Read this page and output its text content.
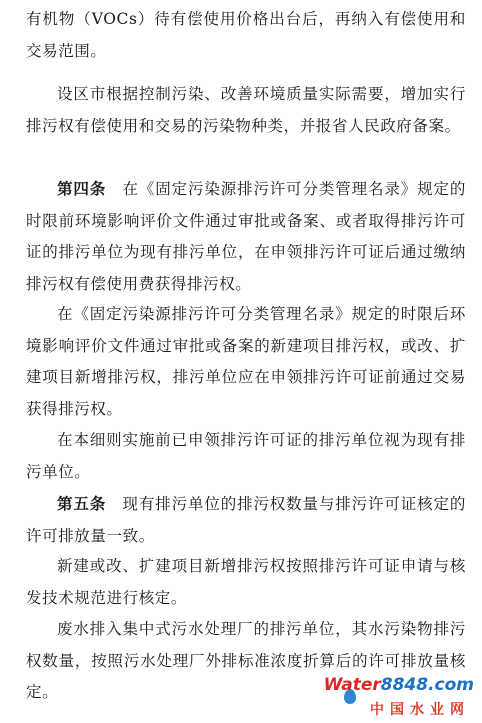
有机物（VOCs）待有偿使用价格出台后，再纳入有偿使用和交易范围。

设区市根据控制污染、改善环境质量实际需要，增加实行排污权有偿使用和交易的污染物种类，并报省人民政府备案。

第四条　 在《固定污染源排污许可分类管理名录》规定的时限前环境影响评价文件通过审批或备案、或者取得排污许可证的排污单位为现有排污单位，在申领排污许可证后通过缴纳排污权有偿使用费获得排污权。

在《固定污染源排污许可分类管理名录》规定的时限后环境影响评价文件通过审批或备案的新建项目排污权，或改、扩建项目新增排污权，排污单位应在申领排污许可证前通过交易获得排污权。

在本细则实施前已申领排污许可证的排污单位视为现有排污单位。

第五条　 现有排污单位的排污权数量与排污许可证核定的许可排放量一致。

新建或改、扩建项目新增排污权按照排污许可证申请与核发技术规范进行核定。

废水排入集中式污水处理厂的排污单位，其水污染物排污权数量，按照污水处理厂外排标准浓度折算后的许可排放量核定。	Water8848.com
中国水业网
